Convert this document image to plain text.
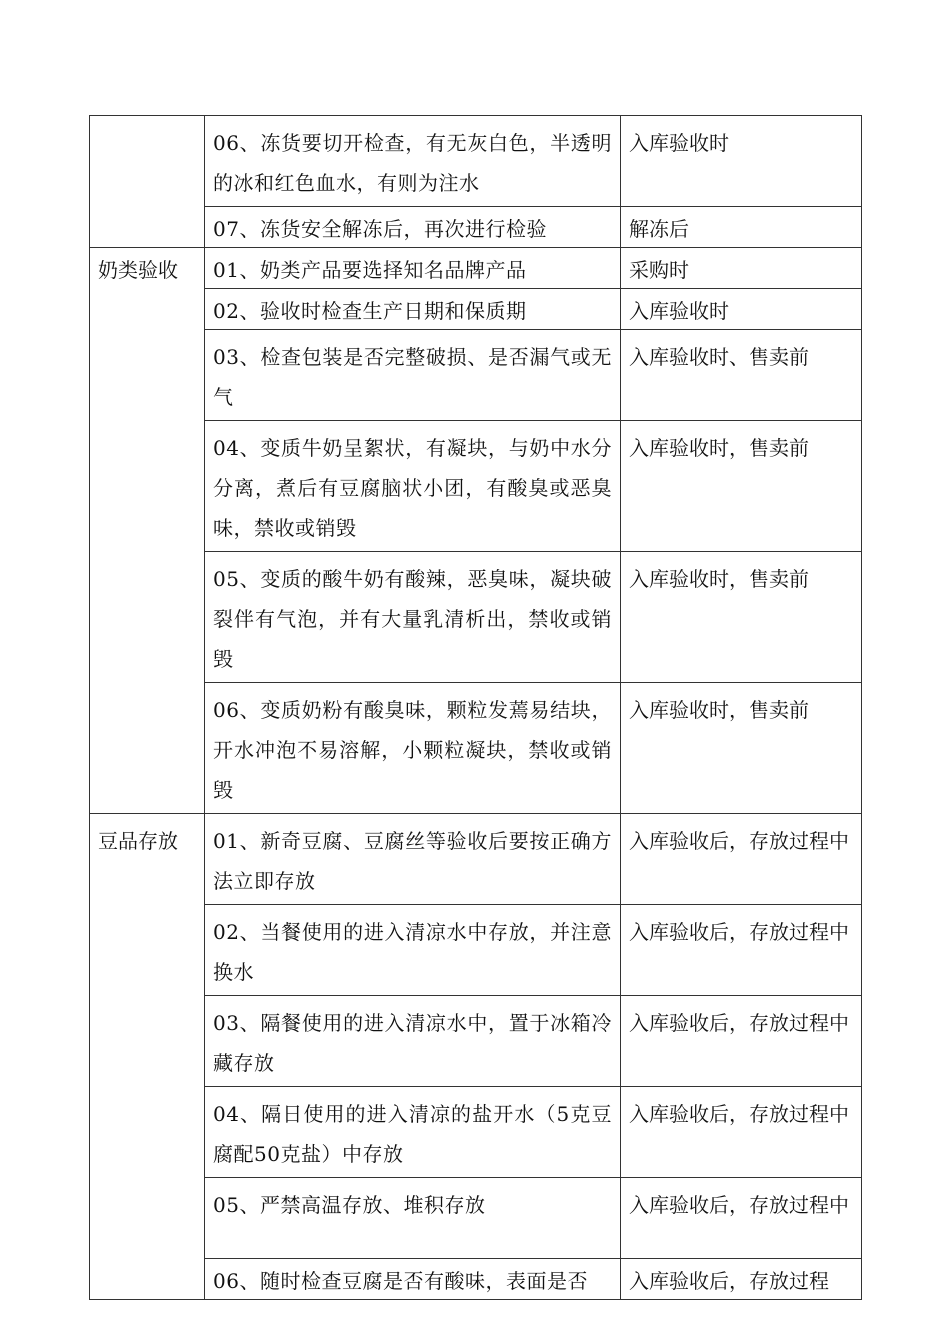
	06、冻货要切开检查，有无灰白色，半透明的冰和红色血水，有则为注水	入库验收时
	07、冻货安全解冻后，再次进行检验	解冻后
奶类验收	01、奶类产品要选择知名品牌产品	采购时
	02、验收时检查生产日期和保质期	入库验收时
	03、检查包装是否完整破损、是否漏气或无气	入库验收时、售卖前
	04、变质牛奶呈絮状，有凝块，与奶中水分分离，煮后有豆腐脑状小团，有酸臭或恶臭味，禁收或销毁	入库验收时，售卖前
	05、变质的酸牛奶有酸辣，恶臭味，凝块破裂伴有气泡，并有大量乳清析出，禁收或销毁	入库验收时，售卖前
	06、变质奶粉有酸臭味，颗粒发蔫易结块，开水冲泡不易溶解，小颗粒凝块，禁收或销毁	入库验收时，售卖前
豆品存放	01、新奇豆腐、豆腐丝等验收后要按正确方法立即存放	入库验收后，存放过程中
	02、当餐使用的进入清凉水中存放，并注意换水	入库验收后，存放过程中
	03、隔餐使用的进入清凉水中，置于冰箱冷藏存放	入库验收后，存放过程中
	04、隔日使用的进入清凉的盐开水（5克豆腐配50克盐）中存放	入库验收后，存放过程中
	05、严禁高温存放、堆积存放	入库验收后，存放过程中
	06、随时检查豆腐是否有酸味，表面是否	入库验收后，存放过程
